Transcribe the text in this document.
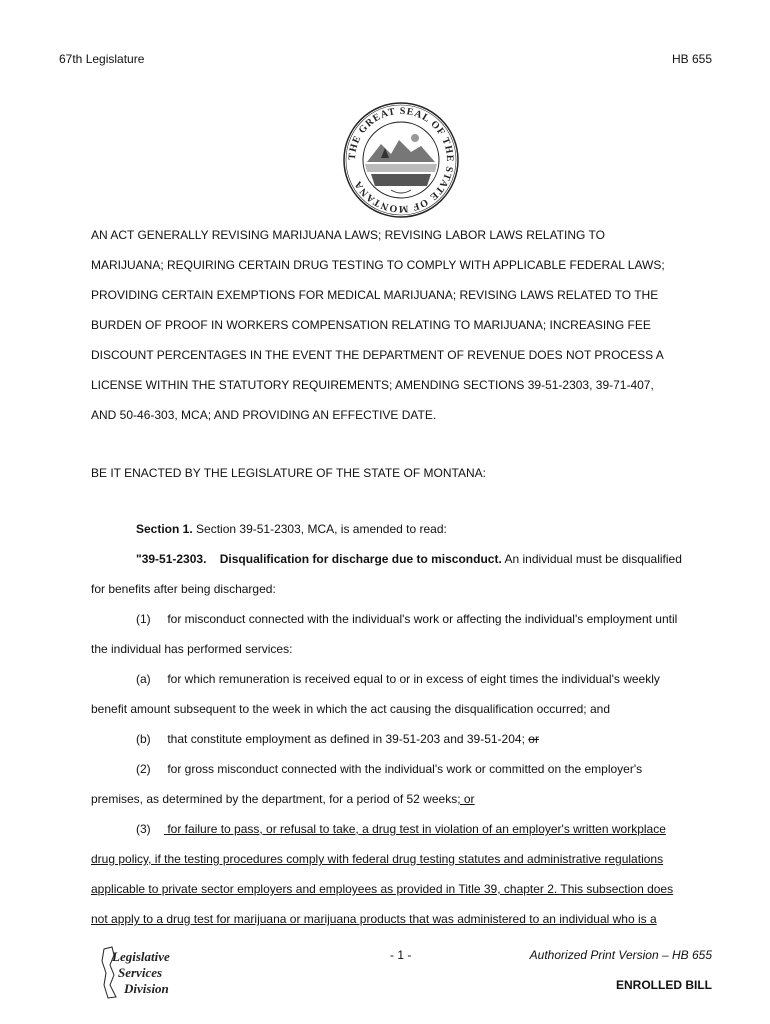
67th Legislature	HB 655
THE GREAT SEAL OF THE STATE OF MONTANA
AN ACT GENERALLY REVISING MARIJUANA LAWS; REVISING LABOR LAWS RELATING TO
MARIJUANA; REQUIRING CERTAIN DRUG TESTING TO COMPLY WITH APPLICABLE FEDERAL LAWS;
PROVIDING CERTAIN EXEMPTIONS FOR MEDICAL MARIJUANA; REVISING LAWS RELATED TO THE
BURDEN OF PROOF IN WORKERS COMPENSATION RELATING TO MARIJUANA; INCREASING FEE
DISCOUNT PERCENTAGES IN THE EVENT THE DEPARTMENT OF REVENUE DOES NOT PROCESS A
LICENSE WITHIN THE STATUTORY REQUIREMENTS; AMENDING SECTIONS 39-51-2303, 39-71-407,
AND 50-46-303, MCA; AND PROVIDING AN EFFECTIVE DATE.
BE IT ENACTED BY THE LEGISLATURE OF THE STATE OF MONTANA:
Section 1. Section 39-51-2303, MCA, is amended to read:
"39-51-2303. Disqualification for discharge due to misconduct. An individual must be disqualified
for benefits after being discharged:
(1) for misconduct connected with the individual's work or affecting the individual's employment until
the individual has performed services:
(a) for which remuneration is received equal to or in excess of eight times the individual's weekly
benefit amount subsequent to the week in which the act causing the disqualification occurred; and
(b) that constitute employment as defined in 39-51-203 and 39-51-204; or
(2) for gross misconduct connected with the individual's work or committed on the employer's
premises, as determined by the department, for a period of 52 weeks; or
(3) for failure to pass, or refusal to take, a drug test in violation of an employer's written workplace
drug policy, if the testing procedures comply with federal drug testing statutes and administrative regulations
applicable to private sector employers and employees as provided in Title 39, chapter 2. This subsection does
not apply to a drug test for marijuana or marijuana products that was administered to an individual who is a
Legislative
Services
Division
- 1 -	Authorized Print Version – HB 655
ENROLLED BILL
